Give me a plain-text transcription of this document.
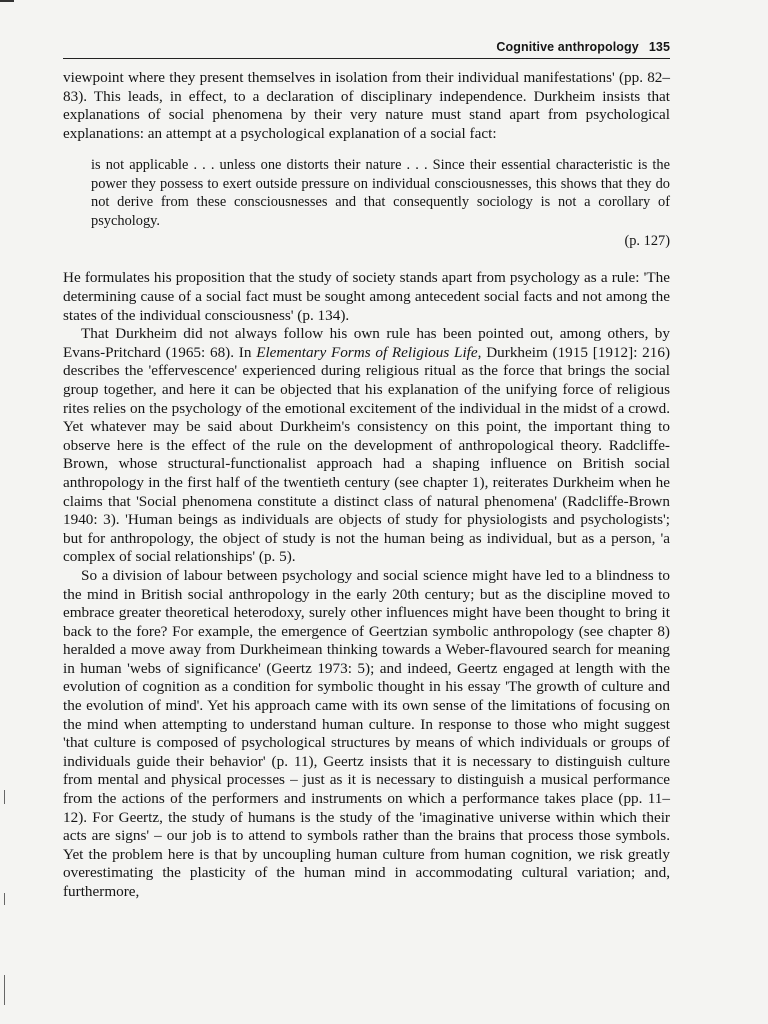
Cognitive anthropology 135

viewpoint where they present themselves in isolation from their individual manifestations' (pp. 82–83). This leads, in effect, to a declaration of disciplinary independence. Durkheim insists that explanations of social phenomena by their very nature must stand apart from psychological explanations: an attempt at a psychological explanation of a social fact:

is not applicable . . . unless one distorts their nature . . . Since their essential characteristic is the power they possess to exert outside pressure on individual consciousnesses, this shows that they do not derive from these consciousnesses and that consequently sociology is not a corollary of psychology.
(p. 127)

He formulates his proposition that the study of society stands apart from psychology as a rule: 'The determining cause of a social fact must be sought among antecedent social facts and not among the states of the individual consciousness' (p. 134).

That Durkheim did not always follow his own rule has been pointed out, among others, by Evans-Pritchard (1965: 68). In Elementary Forms of Religious Life, Durkheim (1915 [1912]: 216) describes the 'effervescence' experienced during religious ritual as the force that brings the social group together, and here it can be objected that his explanation of the unifying force of religious rites relies on the psychology of the emotional excitement of the individual in the midst of a crowd. Yet whatever may be said about Durkheim's consistency on this point, the important thing to observe here is the effect of the rule on the development of anthropological theory. Radcliffe-Brown, whose structural-functionalist approach had a shaping influence on British social anthropology in the first half of the twentieth century (see chapter 1), reiterates Durkheim when he claims that 'Social phenomena constitute a distinct class of natural phenomena' (Radcliffe-Brown 1940: 3). 'Human beings as individuals are objects of study for physiologists and psychologists'; but for anthropology, the object of study is not the human being as individual, but as a person, 'a complex of social relationships' (p. 5).

So a division of labour between psychology and social science might have led to a blindness to the mind in British social anthropology in the early 20th century; but as the discipline moved to embrace greater theoretical heterodoxy, surely other influences might have been thought to bring it back to the fore? For example, the emergence of Geertzian symbolic anthropology (see chapter 8) heralded a move away from Durkheimean thinking towards a Weber-flavoured search for meaning in human 'webs of significance' (Geertz 1973: 5); and indeed, Geertz engaged at length with the evolution of cognition as a condition for symbolic thought in his essay 'The growth of culture and the evolution of mind'. Yet his approach came with its own sense of the limitations of focusing on the mind when attempting to understand human culture. In response to those who might suggest 'that culture is composed of psychological structures by means of which individuals or groups of individuals guide their behavior' (p. 11), Geertz insists that it is necessary to distinguish culture from mental and physical processes – just as it is necessary to distinguish a musical performance from the actions of the performers and instruments on which a performance takes place (pp. 11–12). For Geertz, the study of humans is the study of the 'imaginative universe within which their acts are signs' – our job is to attend to symbols rather than the brains that process those symbols. Yet the problem here is that by uncoupling human culture from human cognition, we risk greatly overestimating the plasticity of the human mind in accommodating cultural variation; and, furthermore,
